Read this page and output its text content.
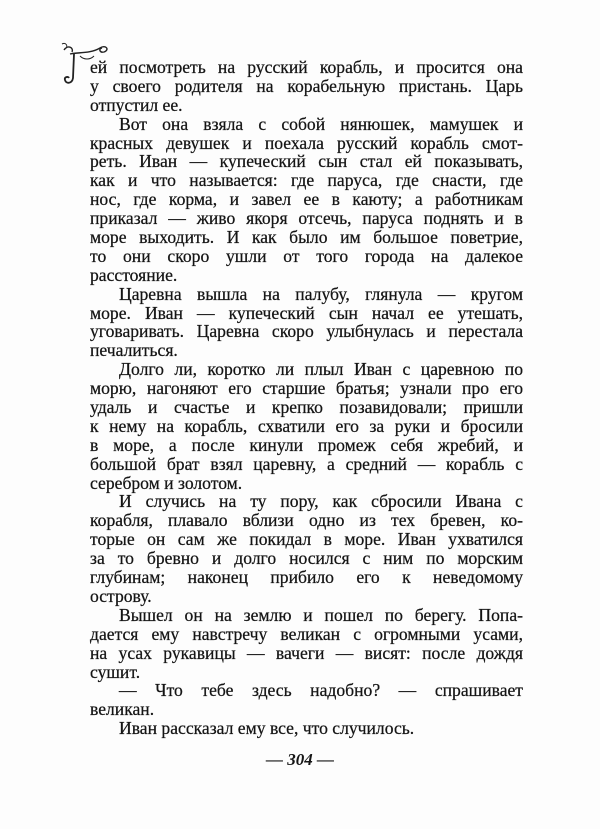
ей посмотреть на русский корабль, и просится она
у своего родителя на корабельную пристань. Царь
отпустил ее.
Вот она взяла с собой нянюшек, мамушек и
красных девушек и поехала русский корабль смот-
реть. Иван — купеческий сын стал ей показывать,
как и что называется: где паруса, где снасти, где
нос, где корма, и завел ее в каюту; а работникам
приказал — живо якоря отсечь, паруса поднять и в
море выходить. И как было им большое поветрие,
то они скоро ушли от того города на далекое
расстояние.
Царевна вышла на палубу, глянула — кругом
море. Иван — купеческий сын начал ее утешать,
уговаривать. Царевна скоро улыбнулась и перестала
печалиться.
Долго ли, коротко ли плыл Иван с царевною по
морю, нагоняют его старшие братья; узнали про его
удаль и счастье и крепко позавидовали; пришли
к нему на корабль, схватили его за руки и бросили
в море, а после кинули промеж себя жребий, и
большой брат взял царевну, а средний — корабль с
серебром и золотом.
И случись на ту пору, как сбросили Ивана с
корабля, плавало вблизи одно из тех бревен, ко-
торые он сам же покидал в море. Иван ухватился
за то бревно и долго носился с ним по морским
глубинам; наконец прибило его к неведомому
острову.
Вышел он на землю и пошел по берегу. Попа-
дается ему навстречу великан с огромными усами,
на усах рукавицы — вачеги — висят: после дождя
сушит.
— Что тебе здесь надобно? — спрашивает
великан.
Иван рассказал ему все, что случилось.
— 304 —
